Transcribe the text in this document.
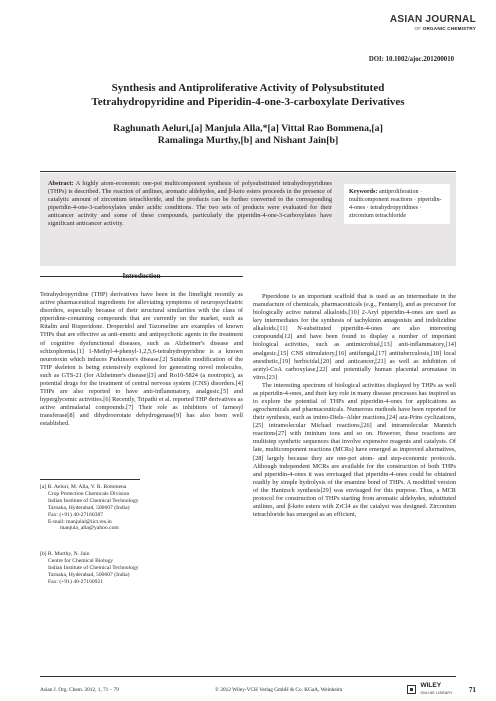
ASIAN JOURNAL
OF ORGANIC CHEMISTRY
DOI: 10.1002/ajoc.201200010
Synthesis and Antiproliferative Activity of Polysubstituted
Tetrahydropyridine and Piperidin-4-one-3-carboxylate Derivatives
Raghunath Aeluri,[a] Manjula Alla,*[a] Vittal Rao Bommena,[a]
Ramalinga Murthy,[b] and Nishant Jain[b]
Abstract: A highly atom-economic one-pot multicomponent synthesis of polysubstituted tetrahydropyridines (THPs) is described. The reaction of anilines, aromatic aldehydes, and β-keto esters proceeds in the presence of catalytic amount of zirconium tetrachloride, and the products can be further converted to the corresponding piperidin-4-one-3-carboxylates under acidic conditions. The two sets of products were evaluated for their anticancer activity and some of these compounds, particularly the piperidin-4-one-3-carboxylates have significant anticancer activity.
Keywords: antiproliferation · multicomponent reactions · piperidin-4-ones · tetrahydropyridines · zirconium tetrachloride
Introduction

Tetrahydropyridine (THP) derivatives have been in the limelight recently as active pharmaceutical ingredients for alleviating symptoms of neuropsychiatric disorders, especially because of their structural similarities with the class of piperidine-containing compounds that are currently on the market, such as Ritalin and Risperidone. Droperidol and Tazomeline are examples of known THPs that are effective as anti-emetic and antipsychotic agents in the treatment of cognitive dysfunctional diseases, such as Alzheimer's disease and schizophrenia.[1] 1-Methyl-4-phenyl-1,2,5,6-tetrahydropyridine is a known neurotoxin which induces Parkinson's disease.[2] Suitable modification of the THP skeleton is being extensively explored for generating novel molecules, such as GTS-21 (for Alzheimer's disease)[3] and Ro10-5824 (a nootropic), as potential drugs for the treatment of central nervous system (CNS) disorders.[4] THPs are also reported to have anti-inflammatory, analgesic,[5] and hyperglycemic activities.[6] Recently, Tripathi et al. reported THP derivatives as active antimalarial compounds.[7] Their role as inhibitors of farnesyl transferase[8] and dihydroorotate dehydrogenase[9] has also been well established.

Piperidone is an important scaffold that is used as an intermediate in the manufacture of chemicals, pharmaceuticals (e.g., Fentanyl), and as precursor for biologically active natural alkaloids.[10] 2-Aryl piperidin-4-ones are used as key intermediates for the synthesis of tachykinin antagonists and indolizidine alkaloids.[11] N-substituted piperidin-4-ones are also interesting compounds[12] and have been found to display a number of important biological activities, such as antimicrobial,[13] anti-inflammatory,[14] analgesic,[15] CNS stimulatory,[16] antifungal,[17] antituberculosis,[18] local anesthetic,[19] herbicidal,[20] and anticancer,[21] as well as inhibition of acetyl-CoA carboxylase,[22] and potentially human placental aromatase in vitro.[23]

The interesting spectrum of biological activities displayed by THPs as well as piperidin-4-ones, and their key role in many disease processes has inspired us to explore the potential of THPs and piperidin-4-ones for applications as agrochemicals and pharmaceuticals. Numerous methods have been reported for their synthesis, such as imino-Diels–Alder reactions,[24] aza-Prins cyclizations,[25] intramolecular Michael reactions,[26] and intramolecular Mannich reactions[27] with iminium ions and so on. However, these reactions are multistep synthetic sequences that involve expensive reagents and catalysts. Of late, multicomponent reactions (MCRs) have emerged as improved alternatives,[28] largely because they are one-pot atom- and step-economic protocols. Although independent MCRs are available for the construction of both THPs and piperidin-4-ones it was envisaged that piperidin-4-ones could be obtained readily by simple hydrolysis of the enamine bond of THPs. A modified version of the Hantzsch synthesis[29] was envisaged for this purpose. Thus, a MCR protocol for construction of THPs starting from aromatic aldehydes, substituted anilines, and β-keto esters with ZrCl4 as the catalyst was designed. Zirconium tetrachloride has emerged as an efficient,

[a] R. Aeluri, M. Alla, V. R. Bommena
Crop Protection Chemicals Division
Indian Institute of Chemical Technology
Tarnaka, Hyderabad, 500607 (India)
Fax: (+91) 40-27160387
E-mail: manjulal@iict.res.in
manjula_alla@yahoo.com
[b] R. Murthy, N. Jain
Centre for Chemical Biology
Indian Institute of Chemical Technology
Tarnaka, Hyderabad, 500607 (India)
Fax: (+91) 40-27160921
Asian J. Org. Chem. 2012, 1, 71 – 79	© 2012 Wiley-VCH Verlag GmbH & Co. KGaA, Weinheim
WILEY
ONLINE LIBRARY 71
